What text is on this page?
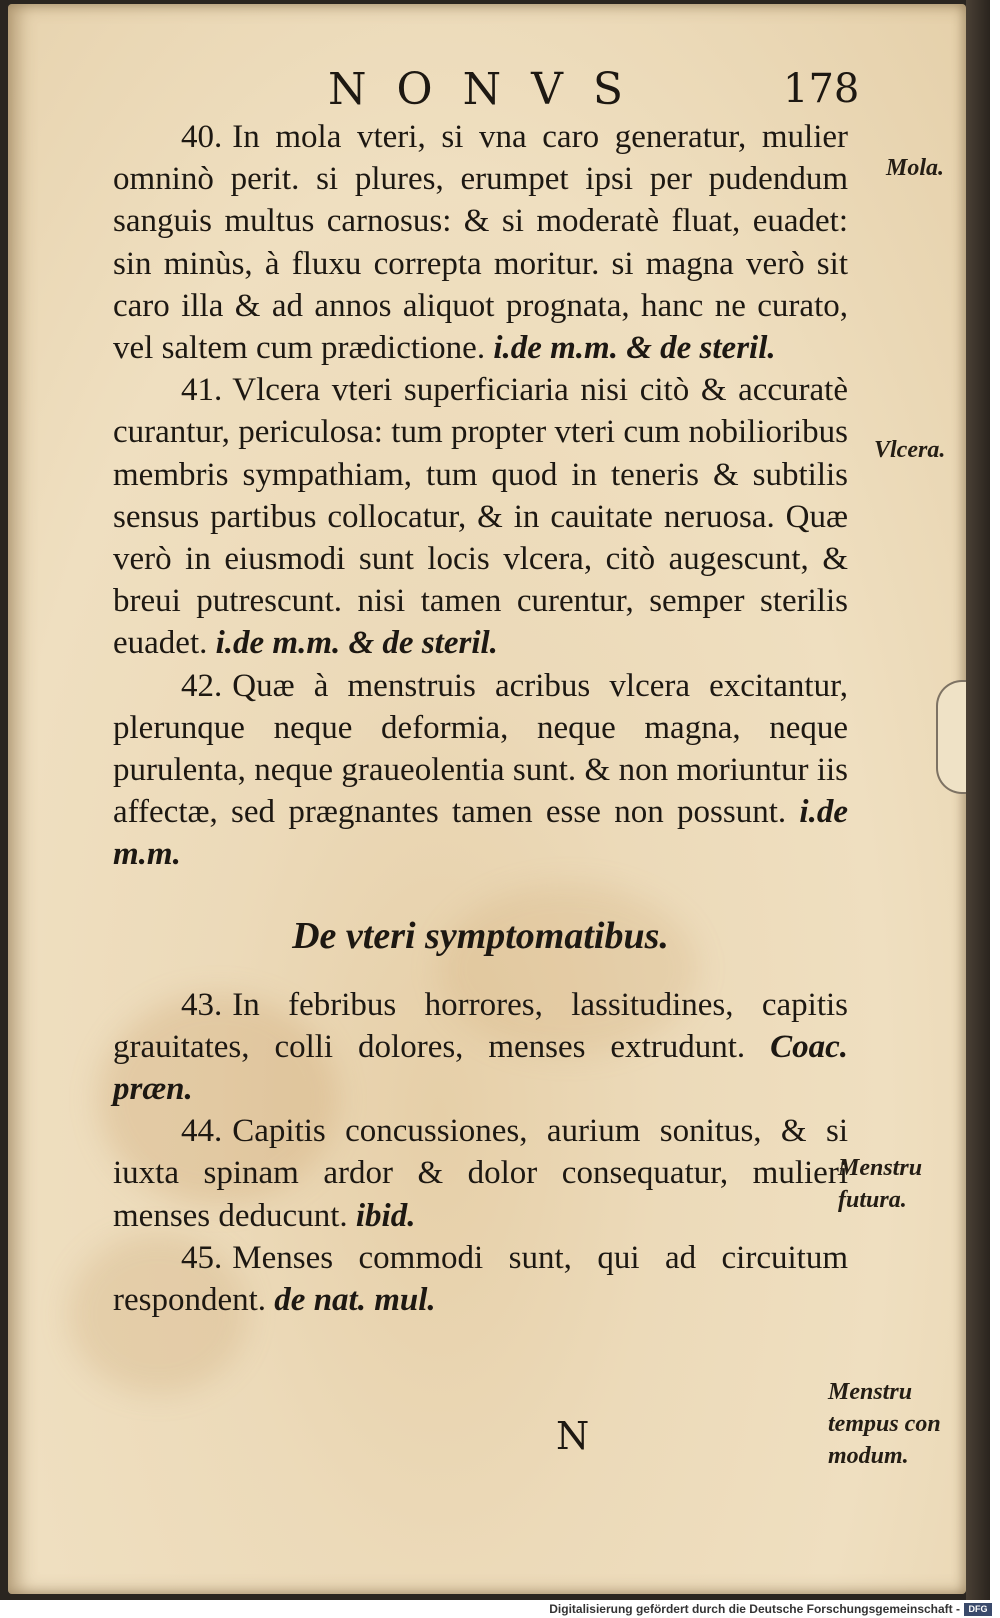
NONVS	178

40. In mola vteri, si vna caro generatur, mulier omninò perit. si plures, erumpet ipsi per pudendum sanguis multus carnosus: & si moderatè fluat, euadet: sin minùs, à fluxu correpta moritur. si magna verò sit caro illa & ad annos aliquot prognata, hanc ne curato, vel saltem cum prædictione. i.de m.m. & de steril.

41. Vlcera vteri superficiaria nisi citò & accuratè curantur, periculosa: tum propter vteri cum nobilioribus membris sympathiam, tum quod in teneris & subtilis sensus partibus collocatur, & in cauitate neruosa. Quæ verò in eiusmodi sunt locis vlcera, citò augescunt, & breui putrescunt. nisi tamen curentur, semper sterilis euadet. i.de m.m. & de steril.

42. Quæ à menstruis acribus vlcera excitantur, plerunque neque deformia, neque magna, neque purulenta, neque graueolentia sunt. & non moriuntur iis affectæ, sed prægnantes tamen esse non possunt. i.de m.m.

De vteri symptomatibus.

43. In febribus horrores, lassitudines, capitis grauitates, colli dolores, menses extrudunt. Coac. præn.

44. Capitis concussiones, aurium sonitus, & si iuxta spinam ardor & dolor consequatur, mulieri menses deducunt. ibid.

45. Menses commodi sunt, qui ad circuitum respondent. de nat. mul.

Mola.
Vlcera.
Menstru
futura.
Menstru
tempus con
modum.
N
Digitalisierung gefördert durch die Deutsche Forschungsgemeinschaft - DFG
